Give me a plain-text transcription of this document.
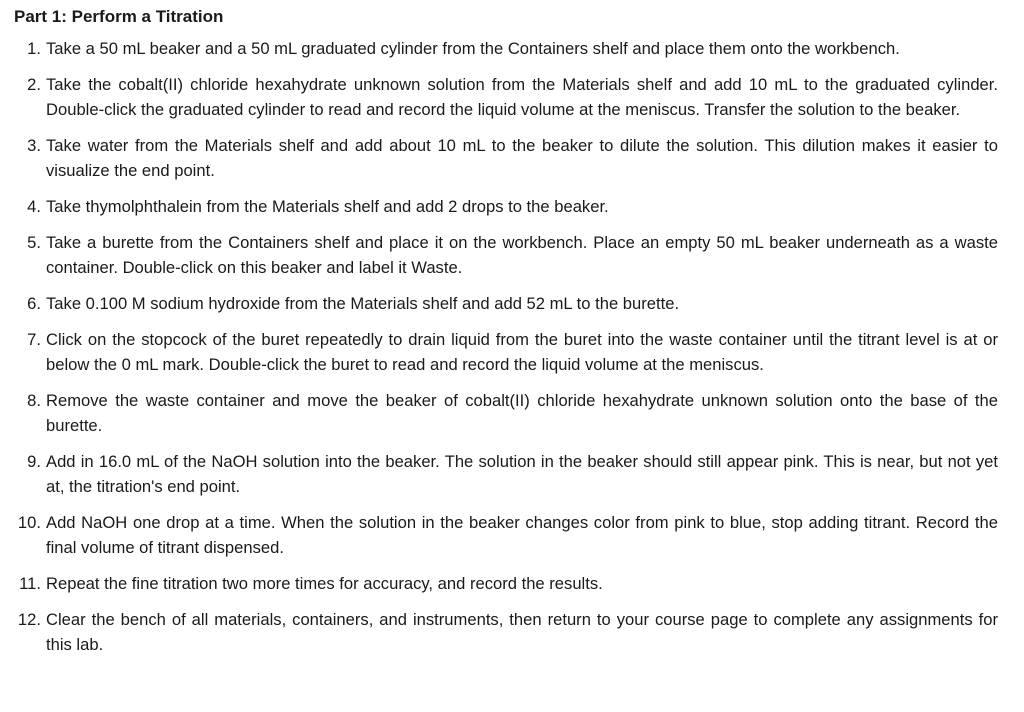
Part 1: Perform a Titration
1 . Take a 50 mL beaker and a 50 mL graduated cylinder from the Containers shelf and place them onto the workbench.
2 . Take the cobalt(II) chloride hexahydrate unknown solution from the Materials shelf and add 10 mL to the graduated cylinder. Double-click the graduated cylinder to read and record the liquid volume at the meniscus. Transfer the solution to the beaker.
3 . Take water from the Materials shelf and add about 10 mL to the beaker to dilute the solution. This dilution makes it easier to visualize the end point.
4 . Take thymolphthalein from the Materials shelf and add 2 drops to the beaker.
5 . Take a burette from the Containers shelf and place it on the workbench. Place an empty 50 mL beaker underneath as a waste container. Double-click on this beaker and label it Waste.
6 . Take 0.100 M sodium hydroxide from the Materials shelf and add 52 mL to the burette.
7 . Click on the stopcock of the buret repeatedly to drain liquid from the buret into the waste container until the titrant level is at or below the 0 mL mark. Double-click the buret to read and record the liquid volume at the meniscus.
8 . Remove the waste container and move the beaker of cobalt(II) chloride hexahydrate unknown solution onto the base of the burette.
9 . Add in 16.0 mL of the NaOH solution into the beaker. The solution in the beaker should still appear pink. This is near, but not yet at, the titration's end point.
10 . Add NaOH one drop at a time. When the solution in the beaker changes color from pink to blue, stop adding titrant. Record the final volume of titrant dispensed.
11 . Repeat the fine titration two more times for accuracy, and record the results.
12 . Clear the bench of all materials, containers, and instruments, then return to your course page to complete any assignments for this lab.
